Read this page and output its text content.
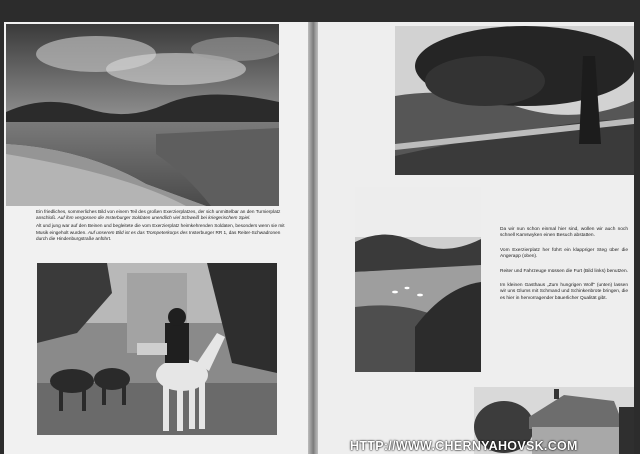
Ein friedliches, sommerliches Bild von einem Teil des großen Exerzierplatzes, der sich unmittelbar an den Turnierplatz anschloß. Auf ihm vergossen die Insterburger Soldaten unendlich viel Schweiß bei kriegerischem Spiel.

Alt und jung war auf den Beinen und begleitete die vom Exerzierplatz heimkehrenden Soldaten, besonders wenn sie mit Musik eingeholt wurden. Auf unserem Bild ist es das Trompeterkorps des Insterburger RR 1, das Reiter-Schwadronen durch die Hindenburgstraße anführt.

Da wir nun schon einmal hier sind, wollen wir auch noch schnell Kamswyken einen Besuch abstatten.

Vom Exerzierplatz her führt ein klappriger Steg über die Angerapp (oben).

Reiter und Fahrzeuge müssen die Furt (Bild links) benutzen.

Im kleinen Gasthaus „Zum hungrigen Wolf" (unten) lassen wir uns Glums mit Schmand und Schinkenbrote bringen, die es hier in hervorragender bäuerlicher Qualität gibt.

HTTP://WWW.CHERNYAHOVSK.COM
